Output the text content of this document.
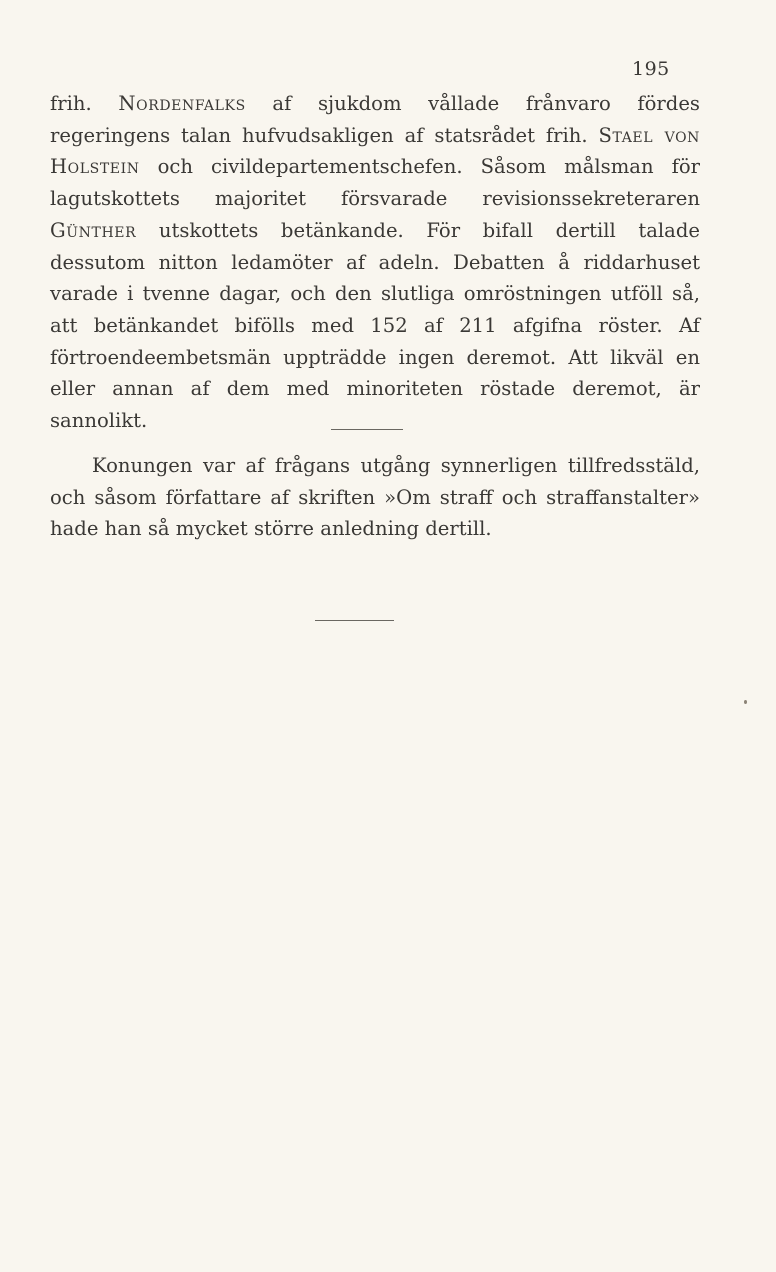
195

frih. Nordenfalks af sjukdom vållade frånvaro fördes regeringens talan hufvudsakligen af statsrådet frih. Stael von Holstein och civildepartementschefen. Såsom målsman för lagutskottets majoritet försvarade revisionssekreteraren Günther utskottets betänkande. För bifall dertill talade dessutom nitton ledamöter af adeln. Debatten å riddarhuset varade i tvenne dagar, och den slutliga omröstningen utföll så, att betänkandet bifölls med 152 af 211 afgifna röster. Af förtroendeembetsmän uppträdde ingen deremot. Att likväl en eller annan af dem med minoriteten röstade deremot, är sannolikt.

Konungen var af frågans utgång synnerligen tillfredsstäld, och såsom författare af skriften »Om straff och straffanstalter» hade han så mycket större anledning dertill.
